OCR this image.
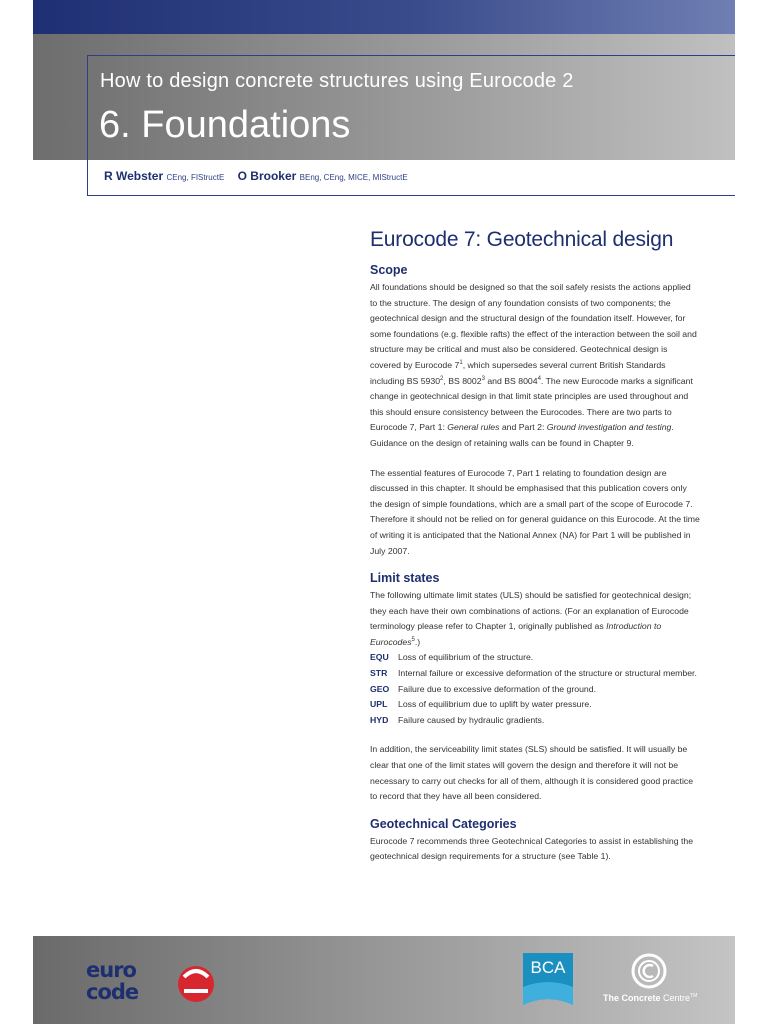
How to design concrete structures using Eurocode 2
6. Foundations
R Webster CEng, FIStructE O Brooker BEng, CEng, MICE, MIStructE
Eurocode 7: Geotechnical design
Scope

All foundations should be designed so that the soil safely resists the actions applied to the structure. The design of any foundation consists of two components; the geotechnical design and the structural design of the foundation itself. However, for some foundations (e.g. flexible rafts) the effect of the interaction between the soil and structure may be critical and must also be considered. Geotechnical design is covered by Eurocode $7^1$, which supersedes several current British Standards including BS 5930$^2$, BS 8002$^3$ and BS 8004$^4$. The new Eurocode marks a significant change in geotechnical design in that limit state principles are used throughout and this should ensure consistency between the Eurocodes. There are two parts to Eurocode 7, Part 1: General rules and Part 2: Ground investigation and testing. Guidance on the design of retaining walls can be found in Chapter 9.

The essential features of Eurocode 7, Part 1 relating to foundation design are discussed in this chapter. It should be emphasised that this publication covers only the design of simple foundations, which are a small part of the scope of Eurocode 7. Therefore it should not be relied on for general guidance on this Eurocode. At the time of writing it is anticipated that the National Annex (NA) for Part 1 will be published in July 2007.

Limit states

The following ultimate limit states (ULS) should be satisfied for geotechnical design; they each have their own combinations of actions. (For an explanation of Eurocode terminology please refer to Chapter 1, originally published as Introduction to Eurocodes$^5$.)

EQU	Loss of equilibrium of the structure.
STR	Internal failure or excessive deformation of the structure or structural member.
GEO Failure due to excessive deformation of the ground.
UPL	Loss of equilibrium due to uplift by water pressure.
HYD	Failure caused by hydraulic gradients.

In addition, the serviceability limit states (SLS) should be satisfied. It will usually be clear that one of the limit states will govern the design and therefore it will not be necessary to carry out checks for all of them, although it is considered good practice to record that they have all been considered.

Geotechnical Categories

Eurocode 7 recommends three Geotechnical Categories to assist in establishing the geotechnical design requirements for a structure (see Table 1).

euro
code
BCA
The Concrete Centre™
